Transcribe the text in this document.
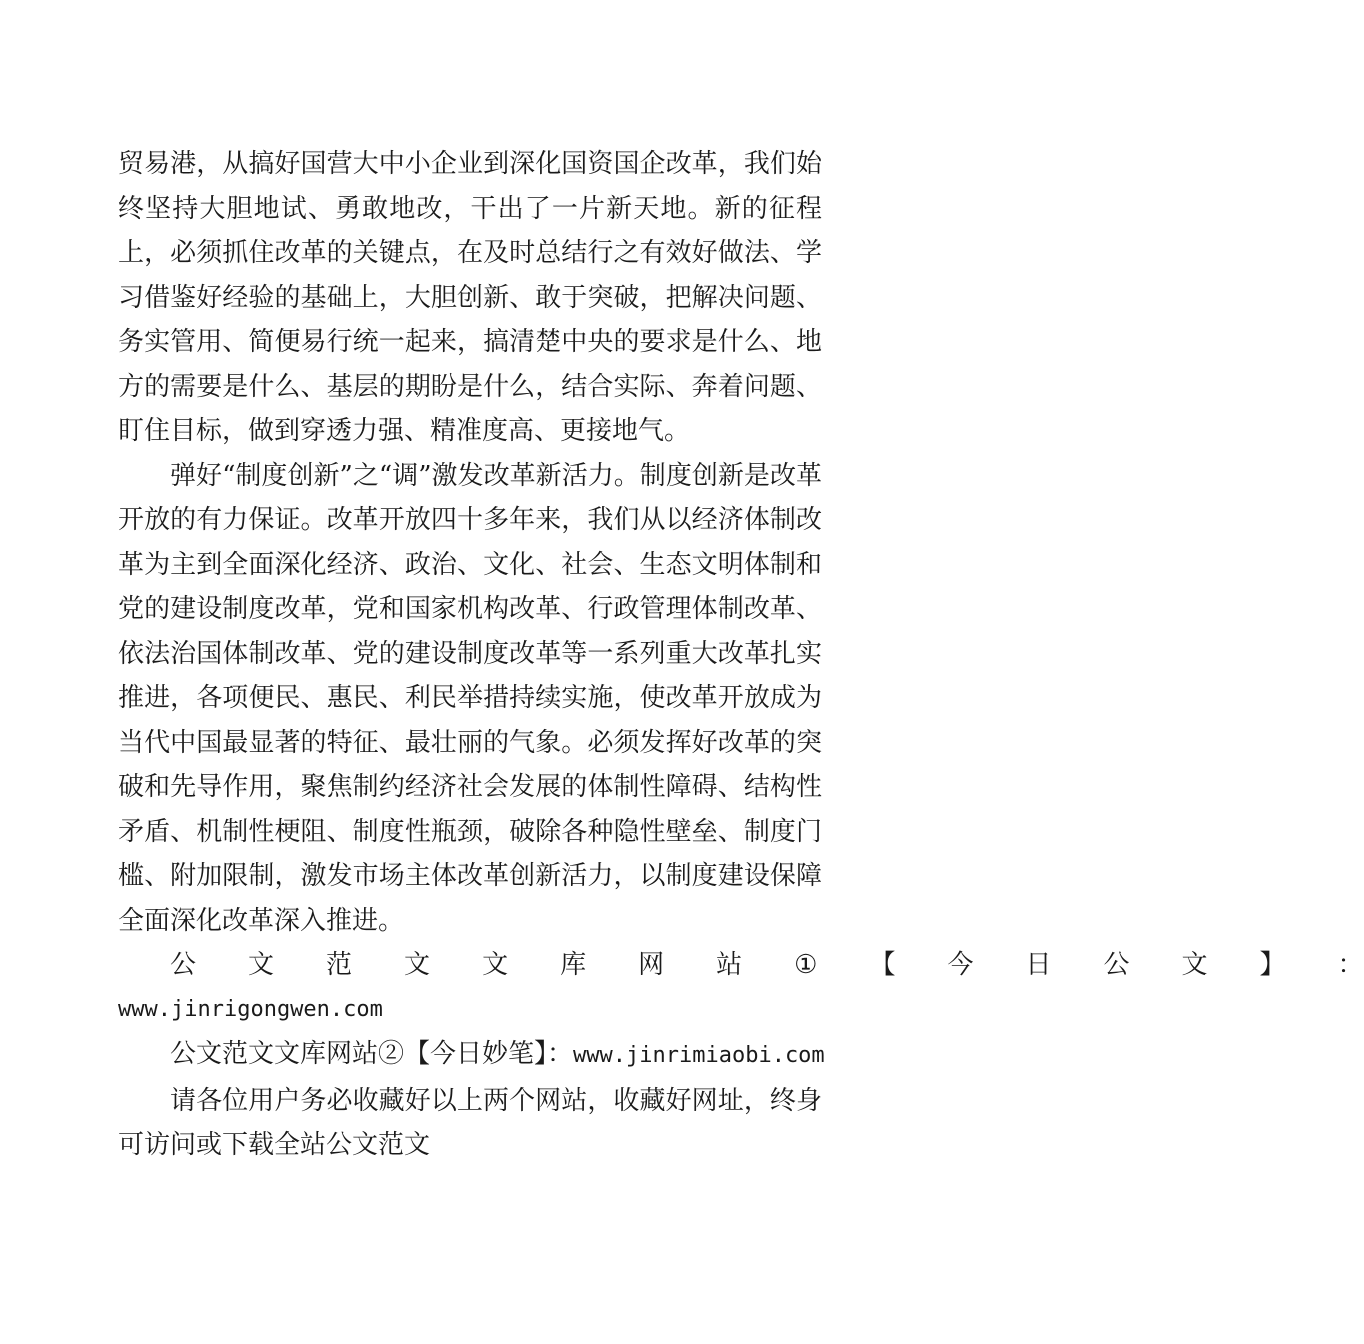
贸易港，从搞好国营大中小企业到深化国资国企改革，我们始终坚持大胆地试、勇敢地改，干出了一片新天地。新的征程上，必须抓住改革的关键点，在及时总结行之有效好做法、学习借鉴好经验的基础上，大胆创新、敢于突破，把解决问题、务实管用、简便易行统一起来，搞清楚中央的要求是什么、地方的需要是什么、基层的期盼是什么，结合实际、奔着问题、盯住目标，做到穿透力强、精准度高、更接地气。

弹好“制度创新”之“调”激发改革新活力。制度创新是改革开放的有力保证。改革开放四十多年来，我们从以经济体制改革为主到全面深化经济、政治、文化、社会、生态文明体制和党的建设制度改革，党和国家机构改革、行政管理体制改革、依法治国体制改革、党的建设制度改革等一系列重大改革扎实推进，各项便民、惠民、利民举措持续实施，使改革开放成为当代中国最显著的特征、最壮丽的气象。必须发挥好改革的突破和先导作用，聚焦制约经济社会发展的体制性障碍、结构性矛盾、机制性梗阻、制度性瓶颈，破除各种隐性壁垒、制度门槛、附加限制，激发市场主体改革创新活力，以制度建设保障全面深化改革深入推进。

公	文	范	文	文	库	网	站	①	【	今	日	公	文	】	：

www.jinrigongwen.com

公文范文文库网站②【今日妙笔】：www.jinrimiaobi.com

请各位用户务必收藏好以上两个网站，收藏好网址，终身可访问或下载全站公文范文
